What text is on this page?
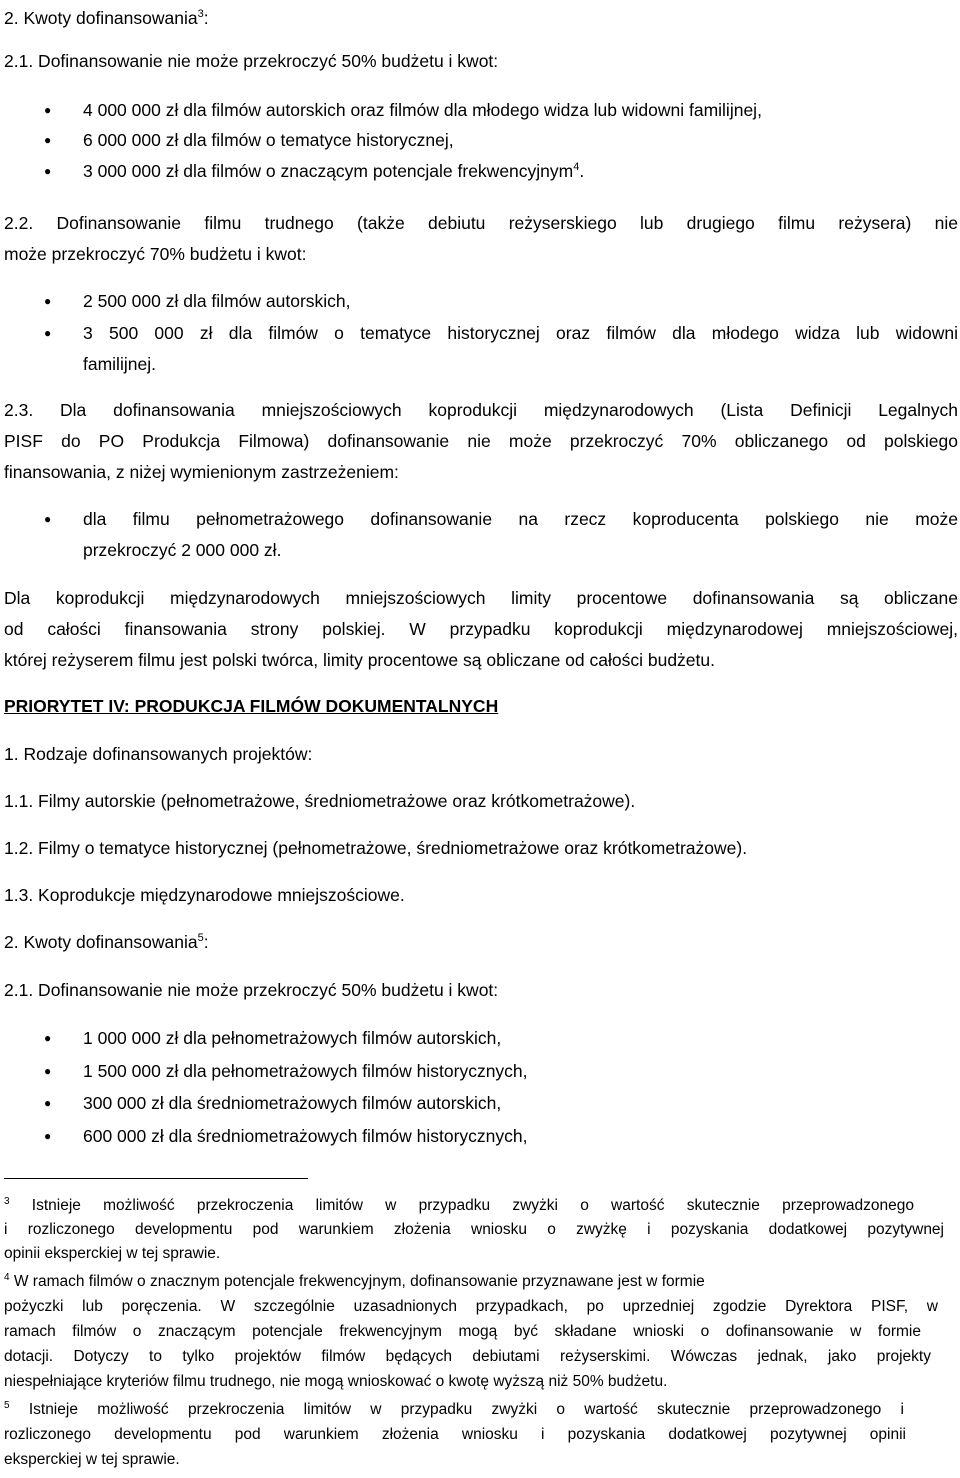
2. Kwoty dofinansowania$^3$:
2.1. Dofinansowanie nie może przekroczyć 50% budżetu i kwot:
● 4 000 000 zł dla filmów autorskich oraz filmów dla młodego widza lub widowni familijnej,
● 6 000 000 zł dla filmów o tematyce historycznej,
● 3 000 000 zł dla filmów o znaczącym potencjale frekwencyjnym$^4$.
2.2. Dofinansowanie filmu trudnego (także debiutu reżyserskiego lub drugiego filmu reżysera) nie
może przekroczyć 70% budżetu i kwot:
● 2 500 000 zł dla filmów autorskich,
● 3 500 000 zł dla filmów o tematyce historycznej oraz filmów dla młodego widza lub widowni
familijnej.
2.3. Dla dofinansowania mniejszościowych koprodukcji międzynarodowych (Lista Definicji Legalnych
PISF do PO Produkcja Filmowa) dofinansowanie nie może przekroczyć 70% obliczanego od polskiego
finansowania, z niżej wymienionym zastrzeżeniem:
● dla filmu pełnometrażowego dofinansowanie na rzecz koproducenta polskiego nie może
przekroczyć 2 000 000 zł.
Dla koprodukcji międzynarodowych mniejszościowych limity procentowe dofinansowania są obliczane
od całości finansowania strony polskiej. W przypadku koprodukcji międzynarodowej mniejszościowej,
której reżyserem filmu jest polski twórca, limity procentowe są obliczane od całości budżetu.
PRIORYTET IV: PRODUKCJA FILMÓW DOKUMENTALNYCH
1. Rodzaje dofinansowanych projektów:
1.1. Filmy autorskie (pełnometrażowe, średniometrażowe oraz krótkometrażowe).
1.2. Filmy o tematyce historycznej (pełnometrażowe, średniometrażowe oraz krótkometrażowe).
1.3. Koprodukcje międzynarodowe mniejszościowe.
2. Kwoty dofinansowania$^5$:
2.1. Dofinansowanie nie może przekroczyć 50% budżetu i kwot:
● 1 000 000 zł dla pełnometrażowych filmów autorskich,
● 1 500 000 zł dla pełnometrażowych filmów historycznych,
● 300 000 zł dla średniometrażowych filmów autorskich,
● 600 000 zł dla średniometrażowych filmów historycznych,
$^3$ Istnieje możliwość przekroczenia limitów w przypadku zwyżki o wartość skutecznie przeprowadzonego
i rozliczonego developmentu pod warunkiem złożenia wniosku o zwyżkę i pozyskania dodatkowej pozytywnej
opinii eksperckiej w tej sprawie.
$^4$ W ramach filmów o znacznym potencjale frekwencyjnym, dofinansowanie przyznawane jest w formie
pożyczki lub poręczenia. W szczególnie uzasadnionych przypadkach, po uprzedniej zgodzie Dyrektora PISF, w
ramach filmów o znaczącym potencjale frekwencyjnym mogą być składane wnioski o dofinansowanie w formie
dotacji. Dotyczy to tylko projektów filmów będących debiutami reżyserskimi. Wówczas jednak, jako projekty
niespełniające kryteriów filmu trudnego, nie mogą wnioskować o kwotę wyższą niż 50% budżetu.
$^5$ Istnieje możliwość przekroczenia limitów w przypadku zwyżki o wartość skutecznie przeprowadzonego i
rozliczonego developmentu pod warunkiem złożenia wniosku i pozyskania dodatkowej pozytywnej opinii
eksperckiej w tej sprawie.
